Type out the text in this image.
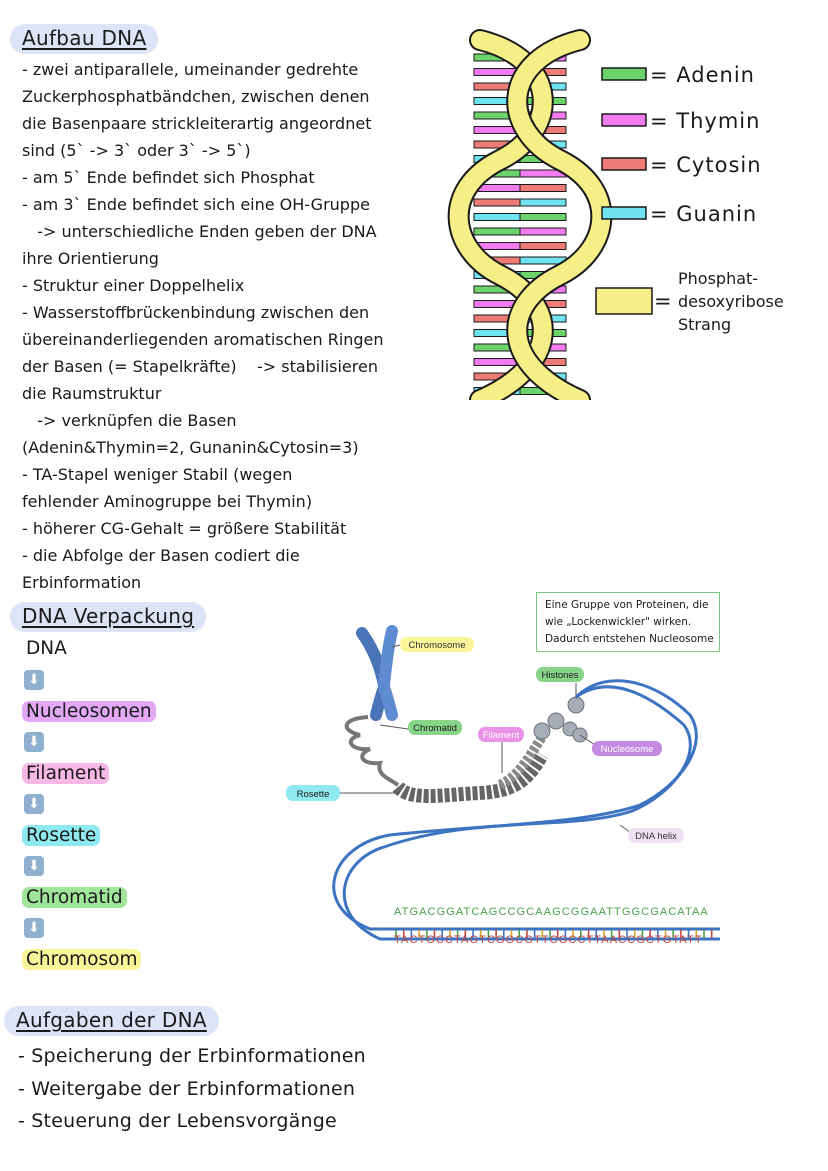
Aufbau DNA
- zwei antiparallele, umeinander gedrehte
Zuckerphosphatbändchen, zwischen denen
die Basenpaare strickleiterartig angeordnet
sind (5` -> 3` oder 3` -> 5`)
- am 5` Ende befindet sich Phosphat
- am 3` Ende befindet sich eine OH-Gruppe
-> unterschiedliche Enden geben der DNA
ihre Orientierung
- Struktur einer Doppelhelix
- Wasserstoffbrückenbindung zwischen den
übereinanderliegenden aromatischen Ringen
der Basen (= Stapelkräfte)    -> stabilisieren
die Raumstruktur
-> verknüpfen die Basen
(Adenin&Thymin=2, Gunanin&Cytosin=3)
- TA-Stapel weniger Stabil (wegen
fehlender Aminogruppe bei Thymin)
- höherer CG-Gehalt = größere Stabilität
- die Abfolge der Basen codiert die
Erbinformation
= Adenin
= Thymin
= Cytosin
= Guanin
=
Phosphat-
desoxyribose
Strang
DNA Verpackung
DNA
⬇
Nucleosomen
⬇
Filament
⬇
Rosette
⬇
Chromatid
⬇
Chromosom
Eine Gruppe von Proteinen, die
wie „Lockenwickler" wirken.
Dadurch entstehen Nucleosome
Chromosome
Histones
Chromatid
Filament
Nucleosome
Rosette
DNA helix
ATGACGGATCAGCCGCAAGCGGAATTGGCGACATAA
TACTGCCTAGTCGGCGTTCGCCTTAACCGCTGTATT
Aufgaben der DNA
- Speicherung der Erbinformationen
- Weitergabe der Erbinformationen
- Steuerung der Lebensvorgänge
